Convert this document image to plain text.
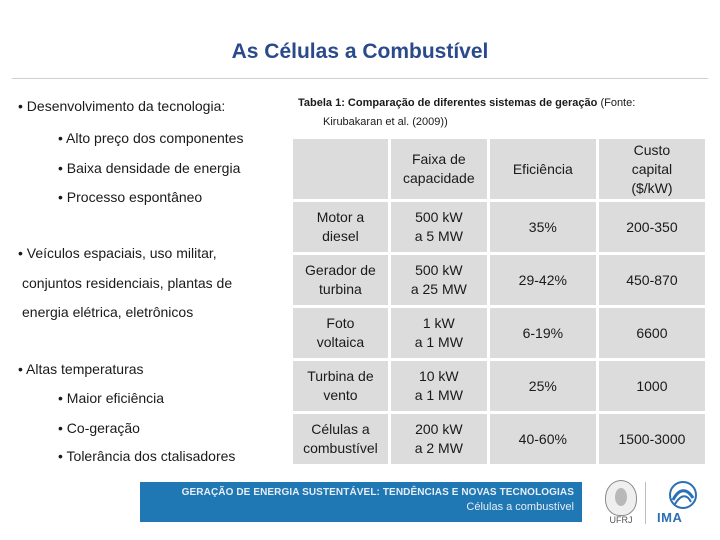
As Células a Combustível
• Desenvolvimento da tecnologia:
• Alto preço dos componentes
• Baixa densidade de energia
• Processo espontâneo
• Veículos espaciais, uso militar,
conjuntos residenciais, plantas de
energia elétrica, eletrônicos
• Altas temperaturas
• Maior eficiência
• Co-geração
• Tolerância dos ctalisadores
Tabela 1: Comparação de diferentes sistemas de geração (Fonte:
Kirubakaran et al. (2009))
	Faixa de
capacidade	Eficiência	Custo
capital
($/kW)
Motor a
diesel	500 kW
a 5 MW	35%	200-350
Gerador de
turbina	500 kW
a 25 MW	29-42%	450-870
Foto
voltaica	1 kW
a 1 MW	6-19%	6600
Turbina de
vento	10 kW
a 1 MW	25%	1000
Células a
combustível	200 kW
a 2 MW	40-60%	1500-3000
GERAÇÃO DE ENERGIA SUSTENTÁVEL: TENDÊNCIAS E NOVAS TECNOLOGIAS
Células a combustível
UFRJ	IMA
